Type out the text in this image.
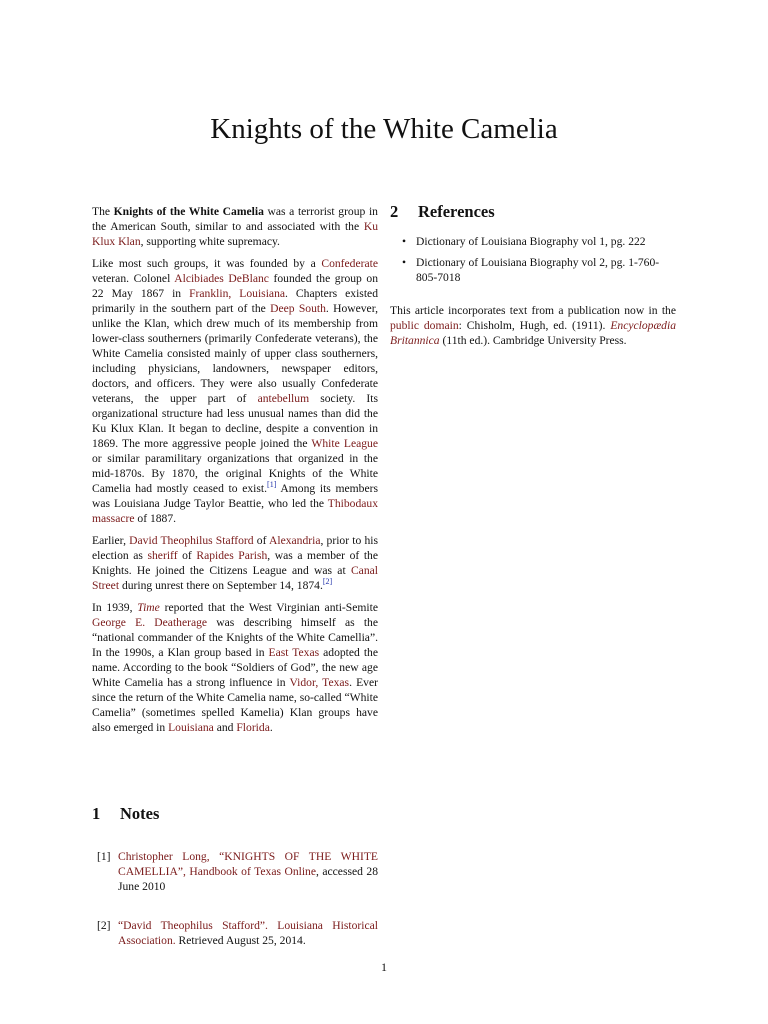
Knights of the White Camelia

The Knights of the White Camelia was a terrorist group in the American South, similar to and associated with the Ku Klux Klan, supporting white supremacy.

Like most such groups, it was founded by a Confederate veteran. Colonel Alcibiades DeBlanc founded the group on 22 May 1867 in Franklin, Louisiana. Chapters existed primarily in the southern part of the Deep South. However, unlike the Klan, which drew much of its membership from lower-class southerners (primarily Confederate veterans), the White Camelia consisted mainly of upper class southerners, including physicians, landowners, newspaper editors, doctors, and officers. They were also usually Confederate veterans, the upper part of antebellum society. Its organizational structure had less unusual names than did the Ku Klux Klan. It began to decline, despite a convention in 1869. The more aggressive people joined the White League or similar paramilitary organizations that organized in the mid-1870s. By 1870, the original Knights of the White Camelia had mostly ceased to exist.[1] Among its members was Louisiana Judge Taylor Beattie, who led the Thibodaux massacre of 1887.

Earlier, David Theophilus Stafford of Alexandria, prior to his election as sheriff of Rapides Parish, was a member of the Knights. He joined the Citizens League and was at Canal Street during unrest there on September 14, 1874.[2]

In 1939, Time reported that the West Virginian anti-Semite George E. Deatherage was describing himself as the “national commander of the Knights of the White Camellia”. In the 1990s, a Klan group based in East Texas adopted the name. According to the book “Soldiers of God”, the new age White Camelia has a strong influence in Vidor, Texas. Ever since the return of the White Camelia name, so-called “White Camelia” (sometimes spelled Kamelia) Klan groups have also emerged in Louisiana and Florida.

1 Notes
[1] Christopher Long, “KNIGHTS OF THE WHITE CAMELLIA”, Handbook of Texas Online, accessed 28 June 2010
[2] “David Theophilus Stafford”. Louisiana Historical Association. Retrieved August 25, 2014.
2 References
• Dictionary of Louisiana Biography vol 1, pg. 222
• Dictionary of Louisiana Biography vol 2, pg. 1-760-805-7018

This article incorporates text from a publication now in the public domain: Chisholm, Hugh, ed. (1911). Encyclopædia Britannica (11th ed.). Cambridge University Press.

1
